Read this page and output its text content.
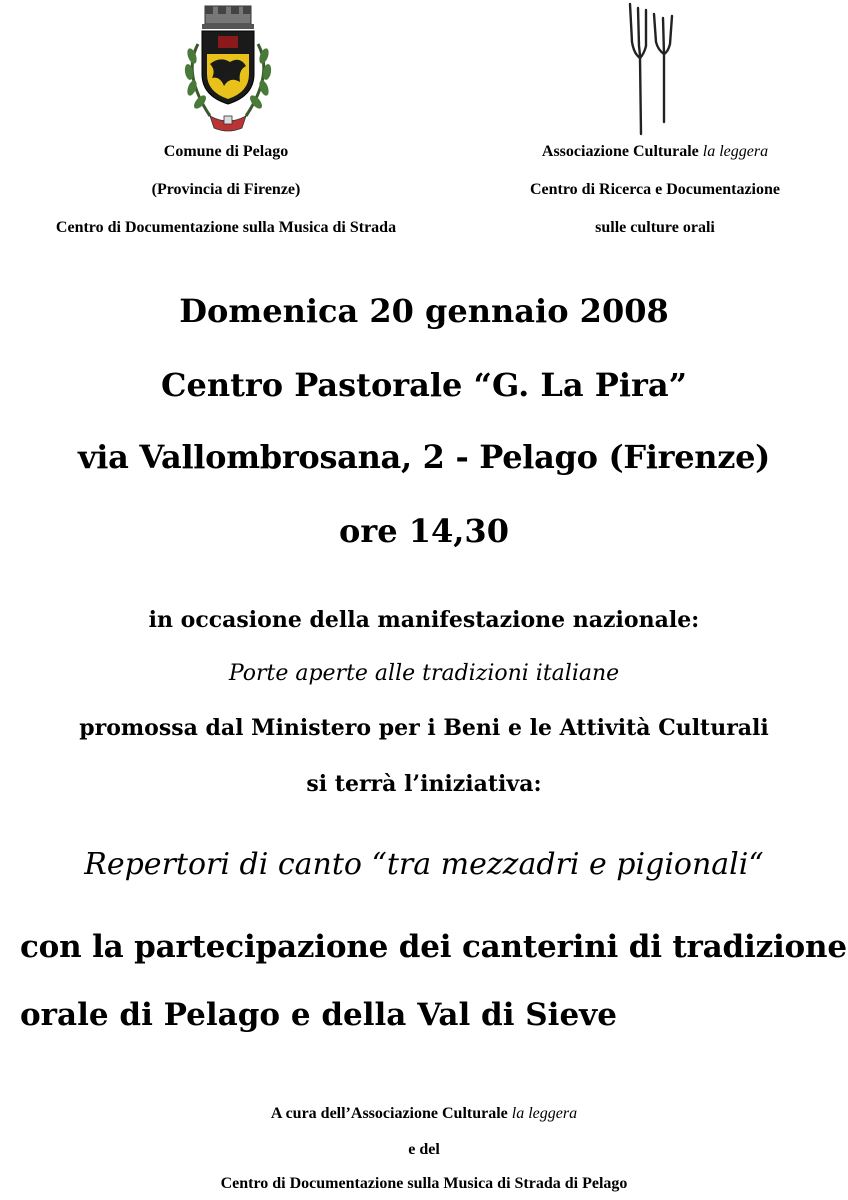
Comune di Pelago
(Provincia di Firenze)
Centro di Documentazione sulla Musica di Strada
Associazione Culturale la leggera
Centro di Ricerca e Documentazione
sulle culture orali
Domenica 20 gennaio 2008
Centro Pastorale “G. La Pira”
via Vallombrosana, 2 - Pelago (Firenze)
ore 14,30
in occasione della manifestazione nazionale:
Porte aperte alle tradizioni italiane
promossa dal Ministero per i Beni e le Attività Culturali
si terrà l’iniziativa:
Repertori di canto “tra mezzadri e pigionali“
con la partecipazione dei canterini di tradizione
orale di Pelago e della Val di Sieve
A cura dell’Associazione Culturale la leggera
e del
Centro di Documentazione sulla Musica di Strada di Pelago
